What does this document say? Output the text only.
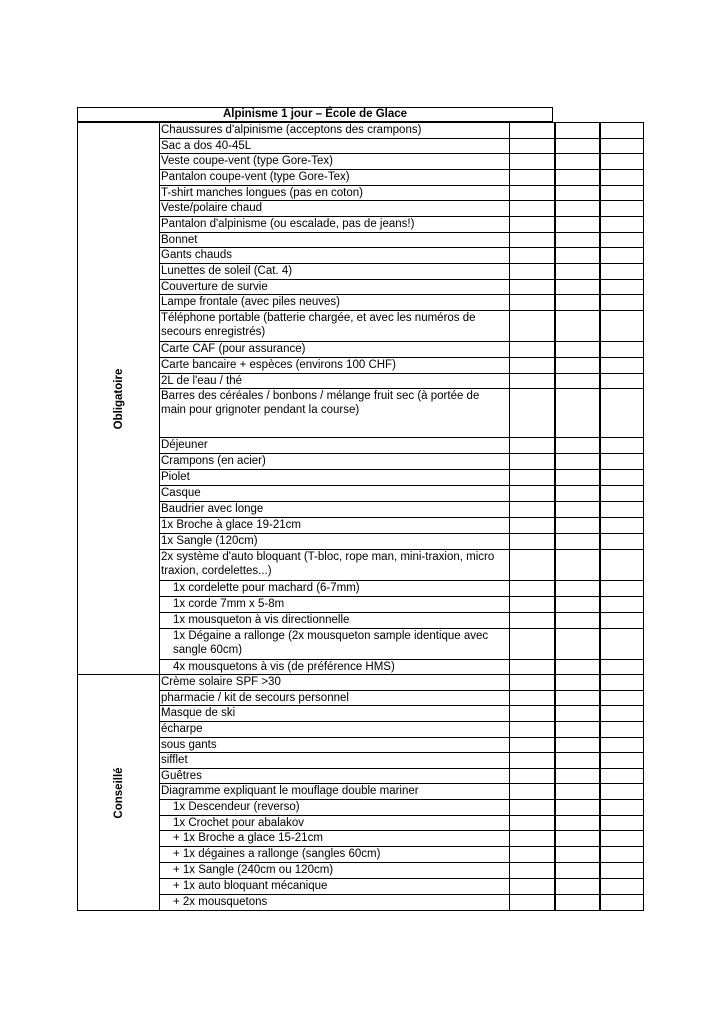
Alpinisme 1 jour – École de Glace
Obligatoire
Chaussures d'alpinisme (acceptons des crampons)
Sac a dos 40-45L
Veste coupe-vent (type Gore-Tex)
Pantalon coupe-vent (type Gore-Tex)
T-shirt manches longues (pas en coton)
Veste/polaire chaud
Pantalon d'alpinisme (ou escalade, pas de jeans!)
Bonnet
Gants chauds
Lunettes de soleil (Cat. 4)
Couverture de survie
Lampe frontale (avec piles neuves)
Téléphone portable (batterie chargée, et avec les numéros de secours enregistrés)
Carte CAF (pour assurance)
Carte bancaire + espèces (environs 100 CHF)
2L de l'eau / thé
Barres des céréales / bonbons / mélange fruit sec (à portée de main pour grignoter pendant la course)
Déjeuner
Crampons (en acier)
Piolet
Casque
Baudrier avec longe
1x Broche à glace 19-21cm
1x Sangle (120cm)
2x système d'auto bloquant (T-bloc, rope man, mini-traxion, micro traxion, cordelettes...)
1x cordelette pour machard (6-7mm)
1x corde 7mm x 5-8m
1x mousqueton à vis directionnelle
1x Dégaine a rallonge (2x mousqueton sample identique avec sangle 60cm)
4x mousquetons à vis (de préférence HMS)
Conseillé
Crème solaire SPF >30
pharmacie / kit de secours personnel
Masque de ski
écharpe
sous gants
sifflet
Guêtres
Diagramme expliquant le mouflage double mariner
1x Descendeur (reverso)
1x Crochet pour abalakov
+ 1x Broche a glace 15-21cm
+ 1x dégaines a rallonge (sangles 60cm)
+ 1x Sangle (240cm ou 120cm)
+ 1x auto bloquant mécanique
+ 2x mousquetons
